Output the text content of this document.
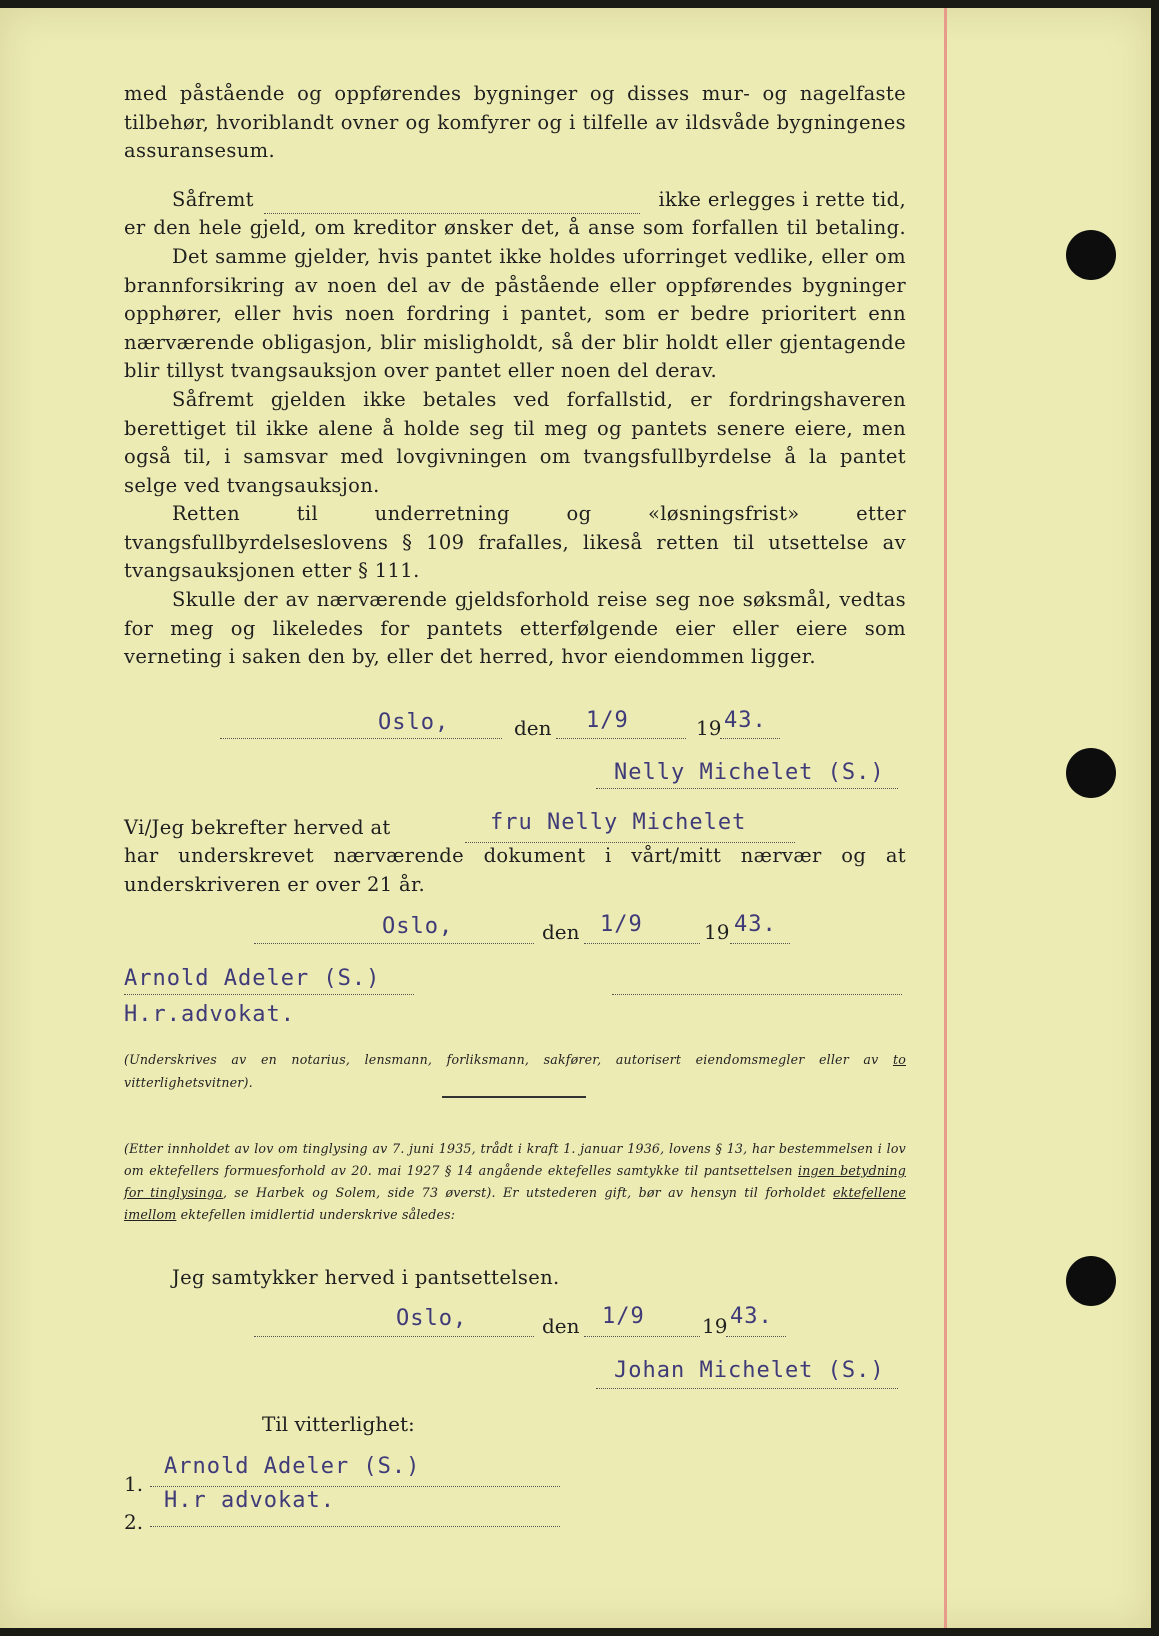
med påstående og oppførendes bygninger og disses mur- og nagelfaste tilbehør, hvoriblandt ovner og komfyrer og i tilfelle av ildsvåde bygningenes assuransesum.

Såfremt	ikke erlegges i rette tid,

er den hele gjeld, om kreditor ønsker det, å anse som forfallen til betaling.

Det samme gjelder, hvis pantet ikke holdes uforringet vedlike, eller om brannforsikring av noen del av de påstående eller oppførendes bygninger opphører, eller hvis noen fordring i pantet, som er bedre prioritert enn nærværende obligasjon, blir misligholdt, så der blir holdt eller gjentagende blir tillyst tvangsauksjon over pantet eller noen del derav.

Såfremt gjelden ikke betales ved forfallstid, er fordringshaveren berettiget til ikke alene å holde seg til meg og pantets senere eiere, men også til, i samsvar med lovgivningen om tvangsfullbyrdelse å la pantet selge ved tvangsauksjon.

Retten til underretning og «løsningsfrist» etter tvangsfullbyrdelseslovens § 109 frafalles, likeså retten til utsettelse av tvangsauksjonen etter § 111.

Skulle der av nærværende gjeldsforhold reise seg noe søksmål, vedtas for meg og likeledes for pantets etterfølgende eier eller eiere som verneting i saken den by, eller det herred, hvor eiendommen ligger.

Oslo,	den 1/9	19 43.
Nelly Michelet (S.)
Vi/Jeg bekrefter herved at	fru Nelly Michelet

har underskrevet nærværende dokument i vårt/mitt nærvær og at underskriveren er over 21 år.

Oslo,	den 1/9	19 43.
Arnold Adeler (S.)
H.r.advokat.

(Underskrives av en notarius, lensmann, forliksmann, sakfører, autorisert eiendomsmegler eller av to vitterlighetsvitner).

(Etter innholdet av lov om tinglysing av 7. juni 1935, trådt i kraft 1. januar 1936, lovens § 13, har bestemmelsen i lov om ektefellers formuesforhold av 20. mai 1927 § 14 angående ektefelles samtykke til pantsettelsen ingen betydning for tinglysinga, se Harbek og Solem, side 73 øverst). Er utstederen gift, bør av hensyn til forholdet ektefellene imellom ektefellen imidlertid underskrive således:

Jeg samtykker herved i pantsettelsen.
Oslo,	den 1/9	19 43.
Johan Michelet (S.)
Til vitterlighet:
1.
Arnold Adeler (S.)
H.r advokat.
2.
